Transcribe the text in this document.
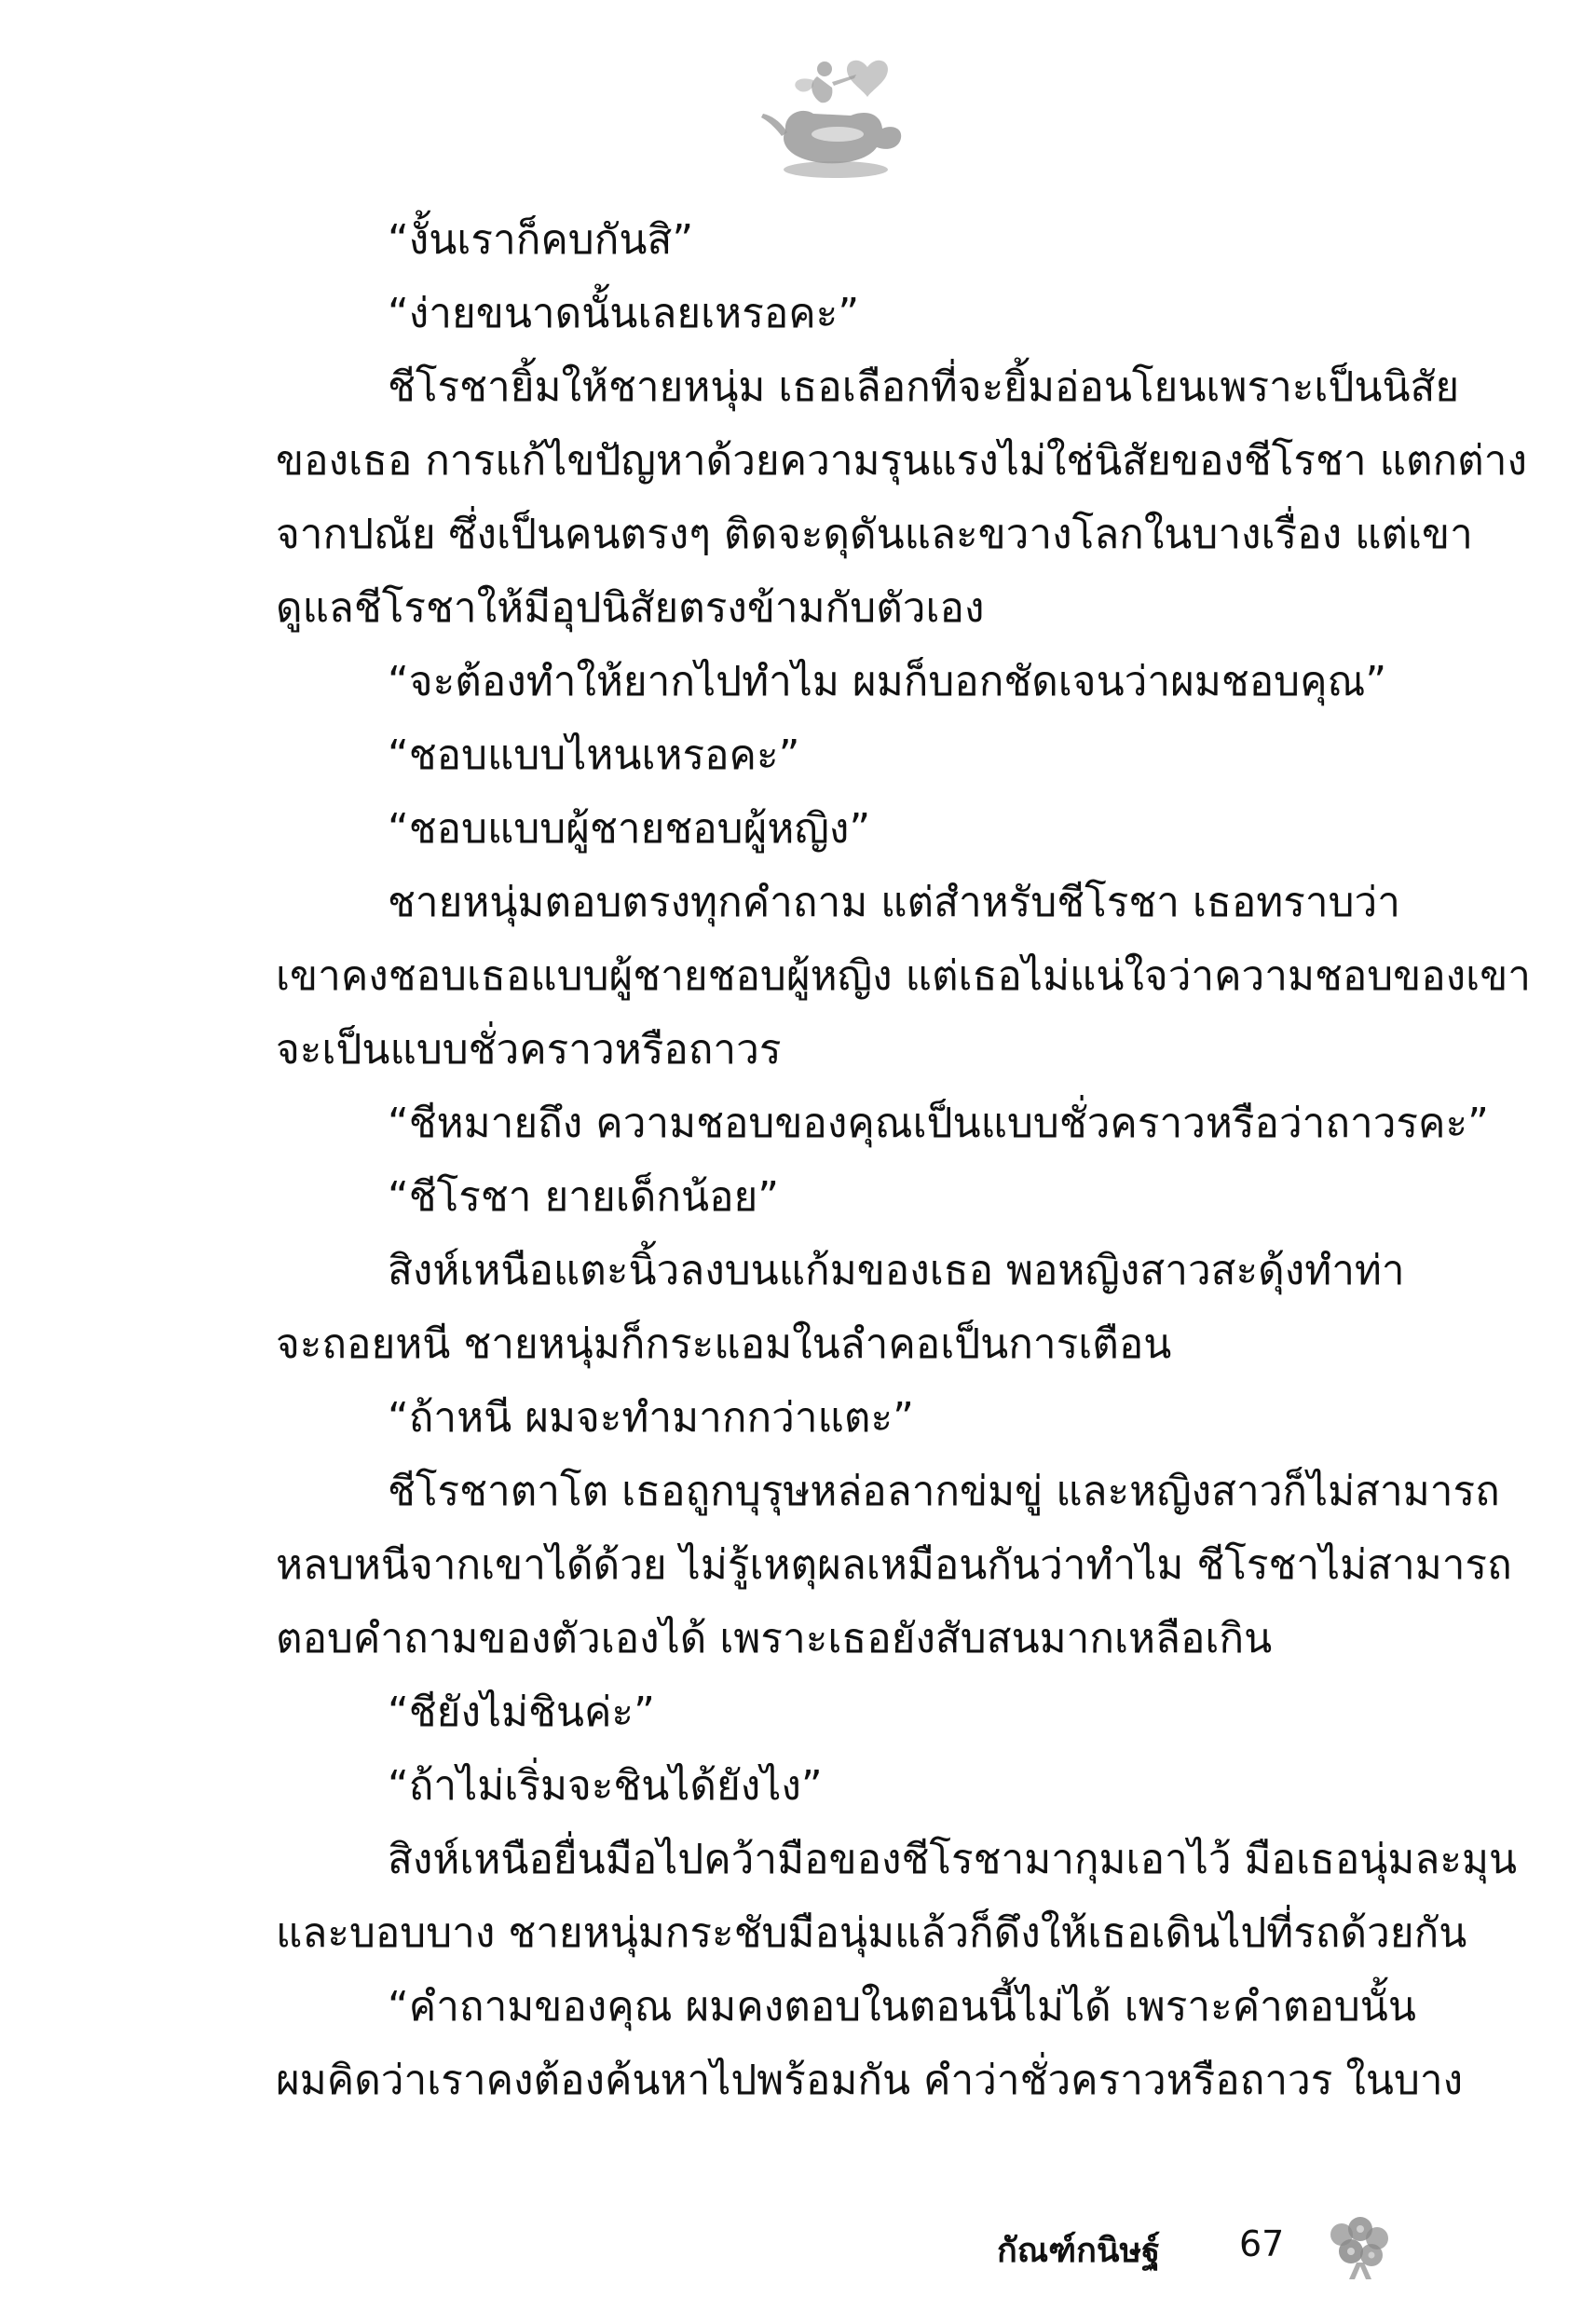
“งั้นเราก็คบกันสิ”
“ง่ายขนาดนั้นเลยเหรอคะ”
ชีโรชายิ้มให้ชายหนุ่ม เธอเลือกที่จะยิ้มอ่อนโยนเพราะเป็นนิสัย
ของเธอ การแก้ไขปัญหาด้วยความรุนแรงไม่ใช่นิสัยของชีโรชา แตกต่าง
จากปณัย ซึ่งเป็นคนตรงๆ ติดจะดุดันและขวางโลกในบางเรื่อง แต่เขา
ดูแลชีโรชาให้มีอุปนิสัยตรงข้ามกับตัวเอง
“จะต้องทำให้ยากไปทำไม ผมก็บอกชัดเจนว่าผมชอบคุณ”
“ชอบแบบไหนเหรอคะ”
“ชอบแบบผู้ชายชอบผู้หญิง”
ชายหนุ่มตอบตรงทุกคำถาม แต่สำหรับชีโรชา เธอทราบว่า
เขาคงชอบเธอแบบผู้ชายชอบผู้หญิง แต่เธอไม่แน่ใจว่าความชอบของเขา
จะเป็นแบบชั่วคราวหรือถาวร
“ชีหมายถึง ความชอบของคุณเป็นแบบชั่วคราวหรือว่าถาวรคะ”
“ชีโรชา ยายเด็กน้อย”
สิงห์เหนือแตะนิ้วลงบนแก้มของเธอ พอหญิงสาวสะดุ้งทำท่า
จะถอยหนี ชายหนุ่มก็กระแอมในลำคอเป็นการเตือน
“ถ้าหนี ผมจะทำมากกว่าแตะ”
ชีโรชาตาโต เธอถูกบุรุษหล่อลากข่มขู่ และหญิงสาวก็ไม่สามารถ
หลบหนีจากเขาได้ด้วย ไม่รู้เหตุผลเหมือนกันว่าทำไม ชีโรชาไม่สามารถ
ตอบคำถามของตัวเองได้ เพราะเธอยังสับสนมากเหลือเกิน
“ชียังไม่ชินค่ะ”
“ถ้าไม่เริ่มจะชินได้ยังไง”
สิงห์เหนือยื่นมือไปคว้ามือของชีโรชามากุมเอาไว้ มือเธอนุ่มละมุน
และบอบบาง ชายหนุ่มกระชับมือนุ่มแล้วก็ดึงให้เธอเดินไปที่รถด้วยกัน
“คำถามของคุณ ผมคงตอบในตอนนี้ไม่ได้ เพราะคำตอบนั้น
ผมคิดว่าเราคงต้องค้นหาไปพร้อมกัน คำว่าชั่วคราวหรือถาวร ในบาง
กัณฑ์กนิษฐ์ 67
